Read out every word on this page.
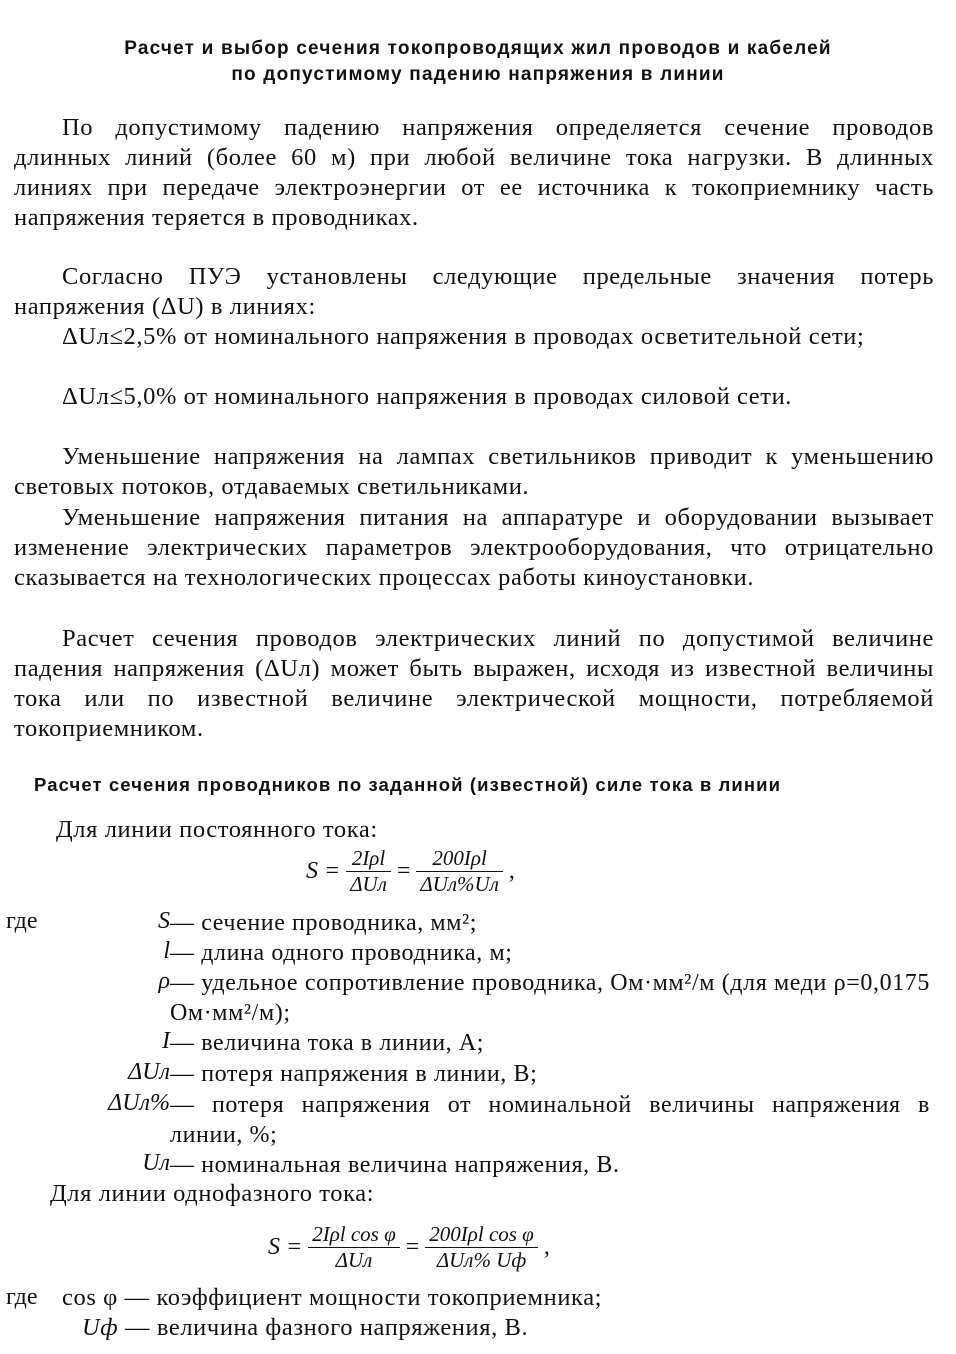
Расчет и выбор сечения токопроводящих жил проводов и кабелей
по допустимому падению напряжения в линии
По допустимому падению напряжения определяется сечение проводов длинных линий (более 60 м) при любой величине тока нагрузки. В длинных линиях при передаче электроэнергии от ее источника к токоприемнику часть напряжения теряется в проводниках.
Согласно ПУЭ установлены следующие предельные значения потерь напряжения (ΔU) в линиях:
ΔUл≤2,5% от номинального напряжения в проводах осветительной сети;
ΔUл≤5,0% от номинального напряжения в проводах силовой сети.
Уменьшение напряжения на лампах светильников приводит к уменьшению световых потоков, отдаваемых светильниками.
Уменьшение напряжения питания на аппаратуре и оборудовании вызывает изменение электрических параметров электрооборудования, что отрицательно сказывается на технологических процессах работы киноустановки.
Расчет сечения проводов электрических линий по допустимой величине падения напряжения (ΔUл) может быть выражен, исходя из известной величины тока или по известной величине электрической мощности, потребляемой токоприемником.
Расчет сечения проводников по заданной (известной) силе тока в линии
Для линии постоянного тока:
$S = \frac{\text{2Iρl}}{\text{ΔUл}} = \frac{\text{200Iρl}}{\text{ΔUл\%Uл}}$ ,
где	S — сечение проводника, мм²;
l — длина одного проводника, м;
ρ — удельное сопротивление проводника, Ом·мм²/м (для меди ρ=0,0175 Ом·мм²/м);
I — величина тока в линии, А;
ΔUл — потеря напряжения в линии, В;
ΔUл% — потеря напряжения от номинальной величины напряжения в линии, %;
Uл — номинальная величина напряжения, В.
Для линии однофазного тока:
$S = \frac{\text{2Iρl cos φ}}{\text{ΔUл}} = \frac{\text{200Iρl cos φ}}{\text{ΔUл\% Uф}}$ ,
где cos φ — коэффициент мощности токоприемника;
Uф — величина фазного напряжения, В.
